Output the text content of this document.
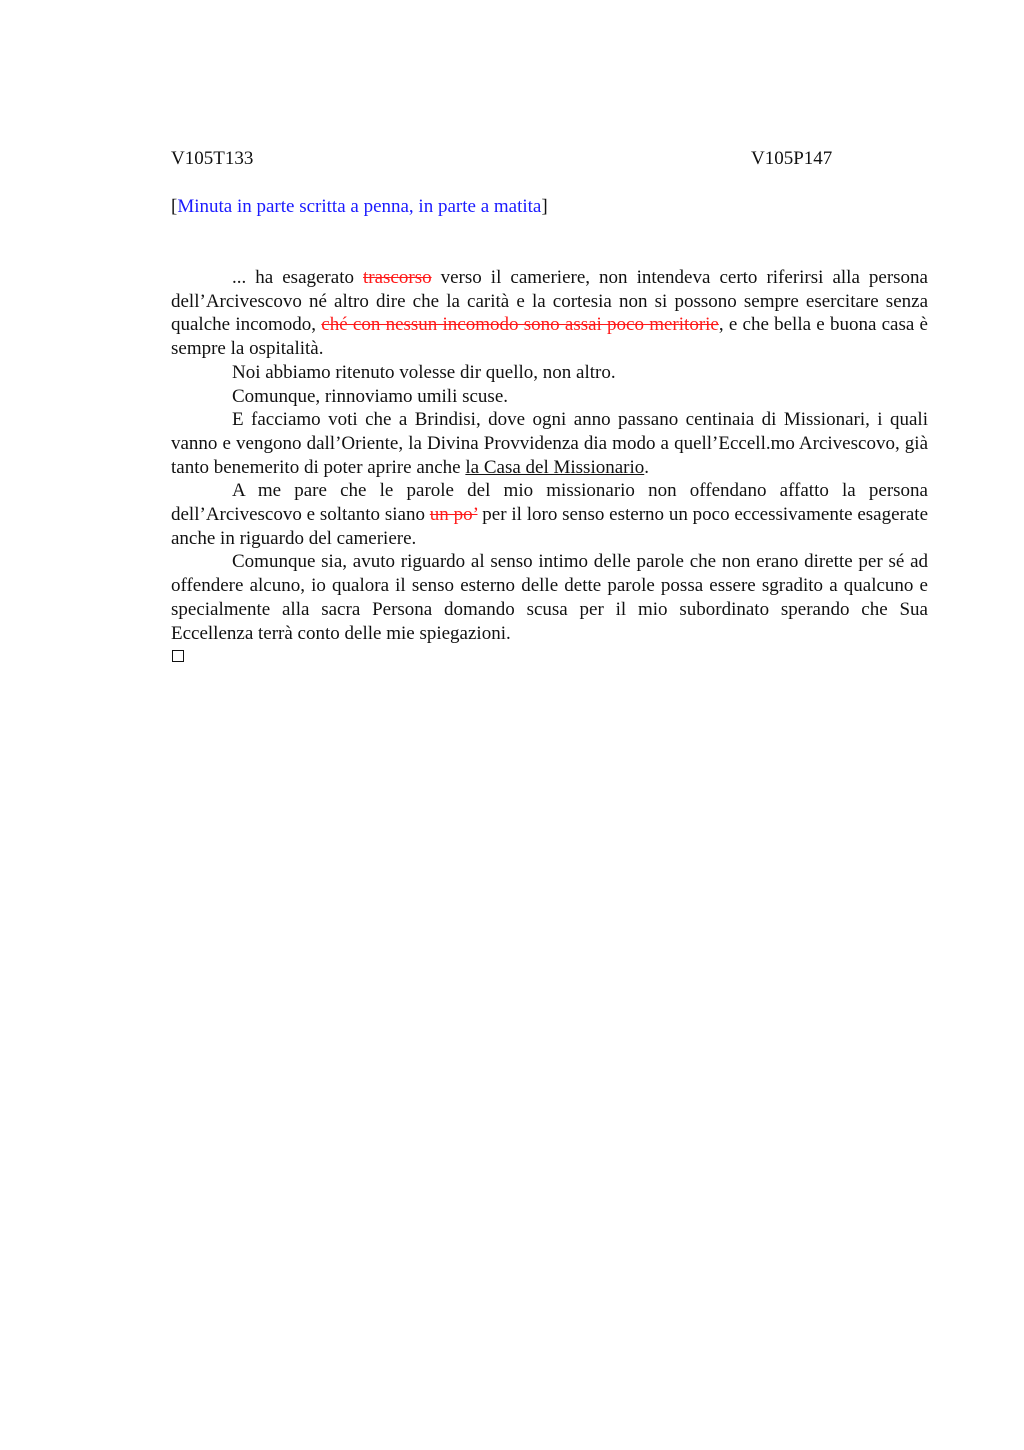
V105T133	V105P147
[Minuta in parte scritta a penna, in parte a matita]

... ha esagerato trascorso verso il cameriere, non intendeva certo riferirsi alla persona dell’Arcivescovo né altro dire che la carità e la cortesia non si possono sempre esercitare senza qualche incomodo, ché con nessun incomodo sono assai poco meritorie, e che bella e buona casa è sempre la ospitalità.

Noi abbiamo ritenuto volesse dir quello, non altro.

Comunque, rinnoviamo umili scuse.

E facciamo voti che a Brindisi, dove ogni anno passano centinaia di Missionari, i quali vanno e vengono dall’Oriente, la Divina Provvidenza dia modo a quell’Eccell.mo Arcivescovo, già tanto benemerito di poter aprire anche la Casa del Missionario.

A me pare che le parole del mio missionario non offendano affatto la persona dell’Arcivescovo e soltanto siano un po’ per il loro senso esterno un poco eccessivamente esagerate anche in riguardo del cameriere.

Comunque sia, avuto riguardo al senso intimo delle parole che non erano dirette per sé ad offendere alcuno, io qualora il senso esterno delle dette parole possa essere sgradito a qualcuno e specialmente alla sacra Persona domando scusa per il mio subordinato sperando che Sua Eccellenza terrà conto delle mie spiegazioni.
